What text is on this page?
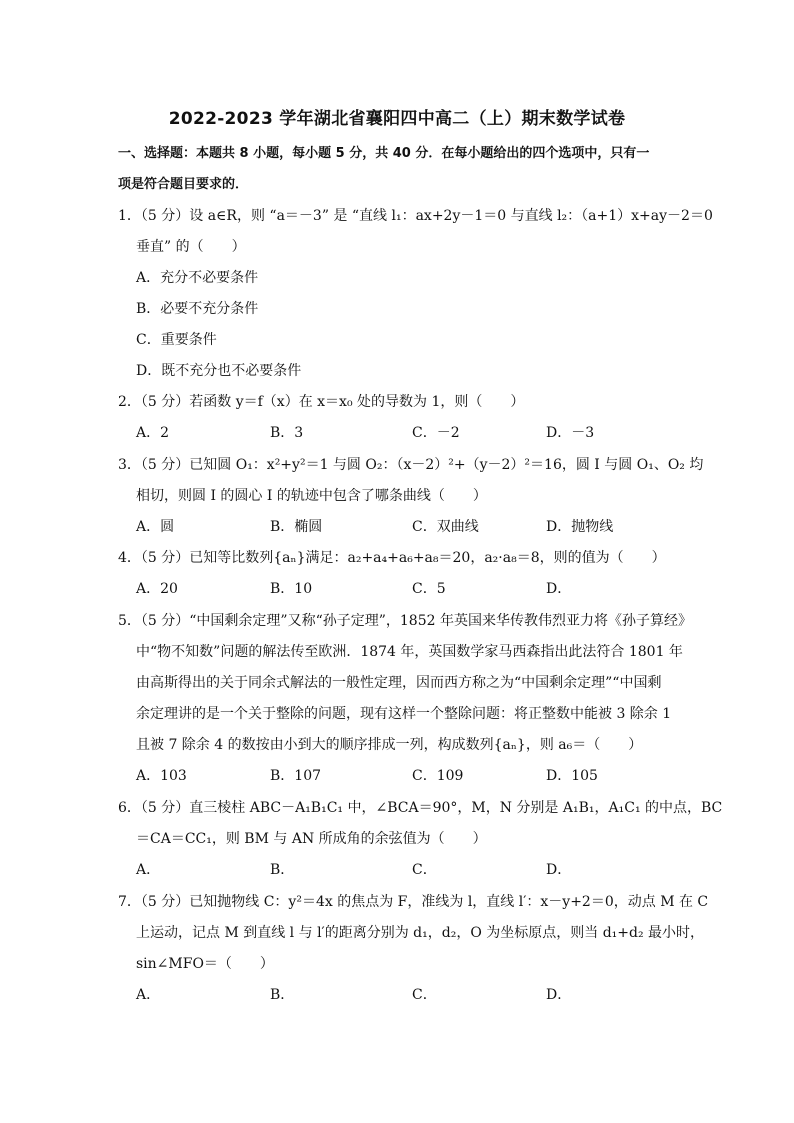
2022-2023 学年湖北省襄阳四中高二（上）期末数学试卷
一、选择题：本题共 8 小题，每小题 5 分，共 40 分．在每小题给出的四个选项中，只有一
项是符合题目要求的．
1．（5 分）设 a∈R，则 “a＝－3” 是 “直线 l₁：ax+2y－1＝0 与直线 l₂：（a+1）x+ay－2＝0
垂直” 的（　　）
A．充分不必要条件
B．必要不充分条件
C．重要条件
D．既不充分也不必要条件
2．（5 分）若函数 y＝f（x）在 x＝x₀ 处的导数为 1，则（　　）
A．2	B．3	C．－2	D．－3
3．（5 分）已知圆 O₁：x²+y²＝1 与圆 O₂：（x－2）²+（y－2）²＝16，圆 I 与圆 O₁、O₂ 均
相切，则圆 I 的圆心 I 的轨迹中包含了哪条曲线（　　）
A．圆	B．椭圆	C．双曲线	D．抛物线
4．（5 分）已知等比数列{aₙ}满足：a₂+a₄+a₆+a₈＝20，a₂·a₈＝8，则的值为（　　）
A．20	B．10	C．5	D．
5．（5 分）“中国剩余定理”又称“孙子定理”，1852 年英国来华传教伟烈亚力将《孙子算经》
中“物不知数”问题的解法传至欧洲．1874 年，英国数学家马西森指出此法符合 1801 年
由高斯得出的关于同余式解法的一般性定理，因而西方称之为“中国剩余定理”“中国剩
余定理讲的是一个关于整除的问题，现有这样一个整除问题：将正整数中能被 3 除余 1
且被 7 除余 4 的数按由小到大的顺序排成一列，构成数列{aₙ}，则 a₆＝（　　）
A．103	B．107	C．109	D．105
6．（5 分）直三棱柱 ABC－A₁B₁C₁ 中，∠BCA＝90°，M，N 分别是 A₁B₁，A₁C₁ 的中点，BC
＝CA＝CC₁，则 BM 与 AN 所成角的余弦值为（　　）
A．	B．	C．	D．
7．（5 分）已知抛物线 C：y²＝4x 的焦点为 F，准线为 l，直线 l′：x－y+2＝0，动点 M 在 C
上运动，记点 M 到直线 l 与 l′的距离分别为 d₁，d₂，O 为坐标原点，则当 d₁+d₂ 最小时，
sin∠MFO＝（　　）
A．	B．	C．	D．
